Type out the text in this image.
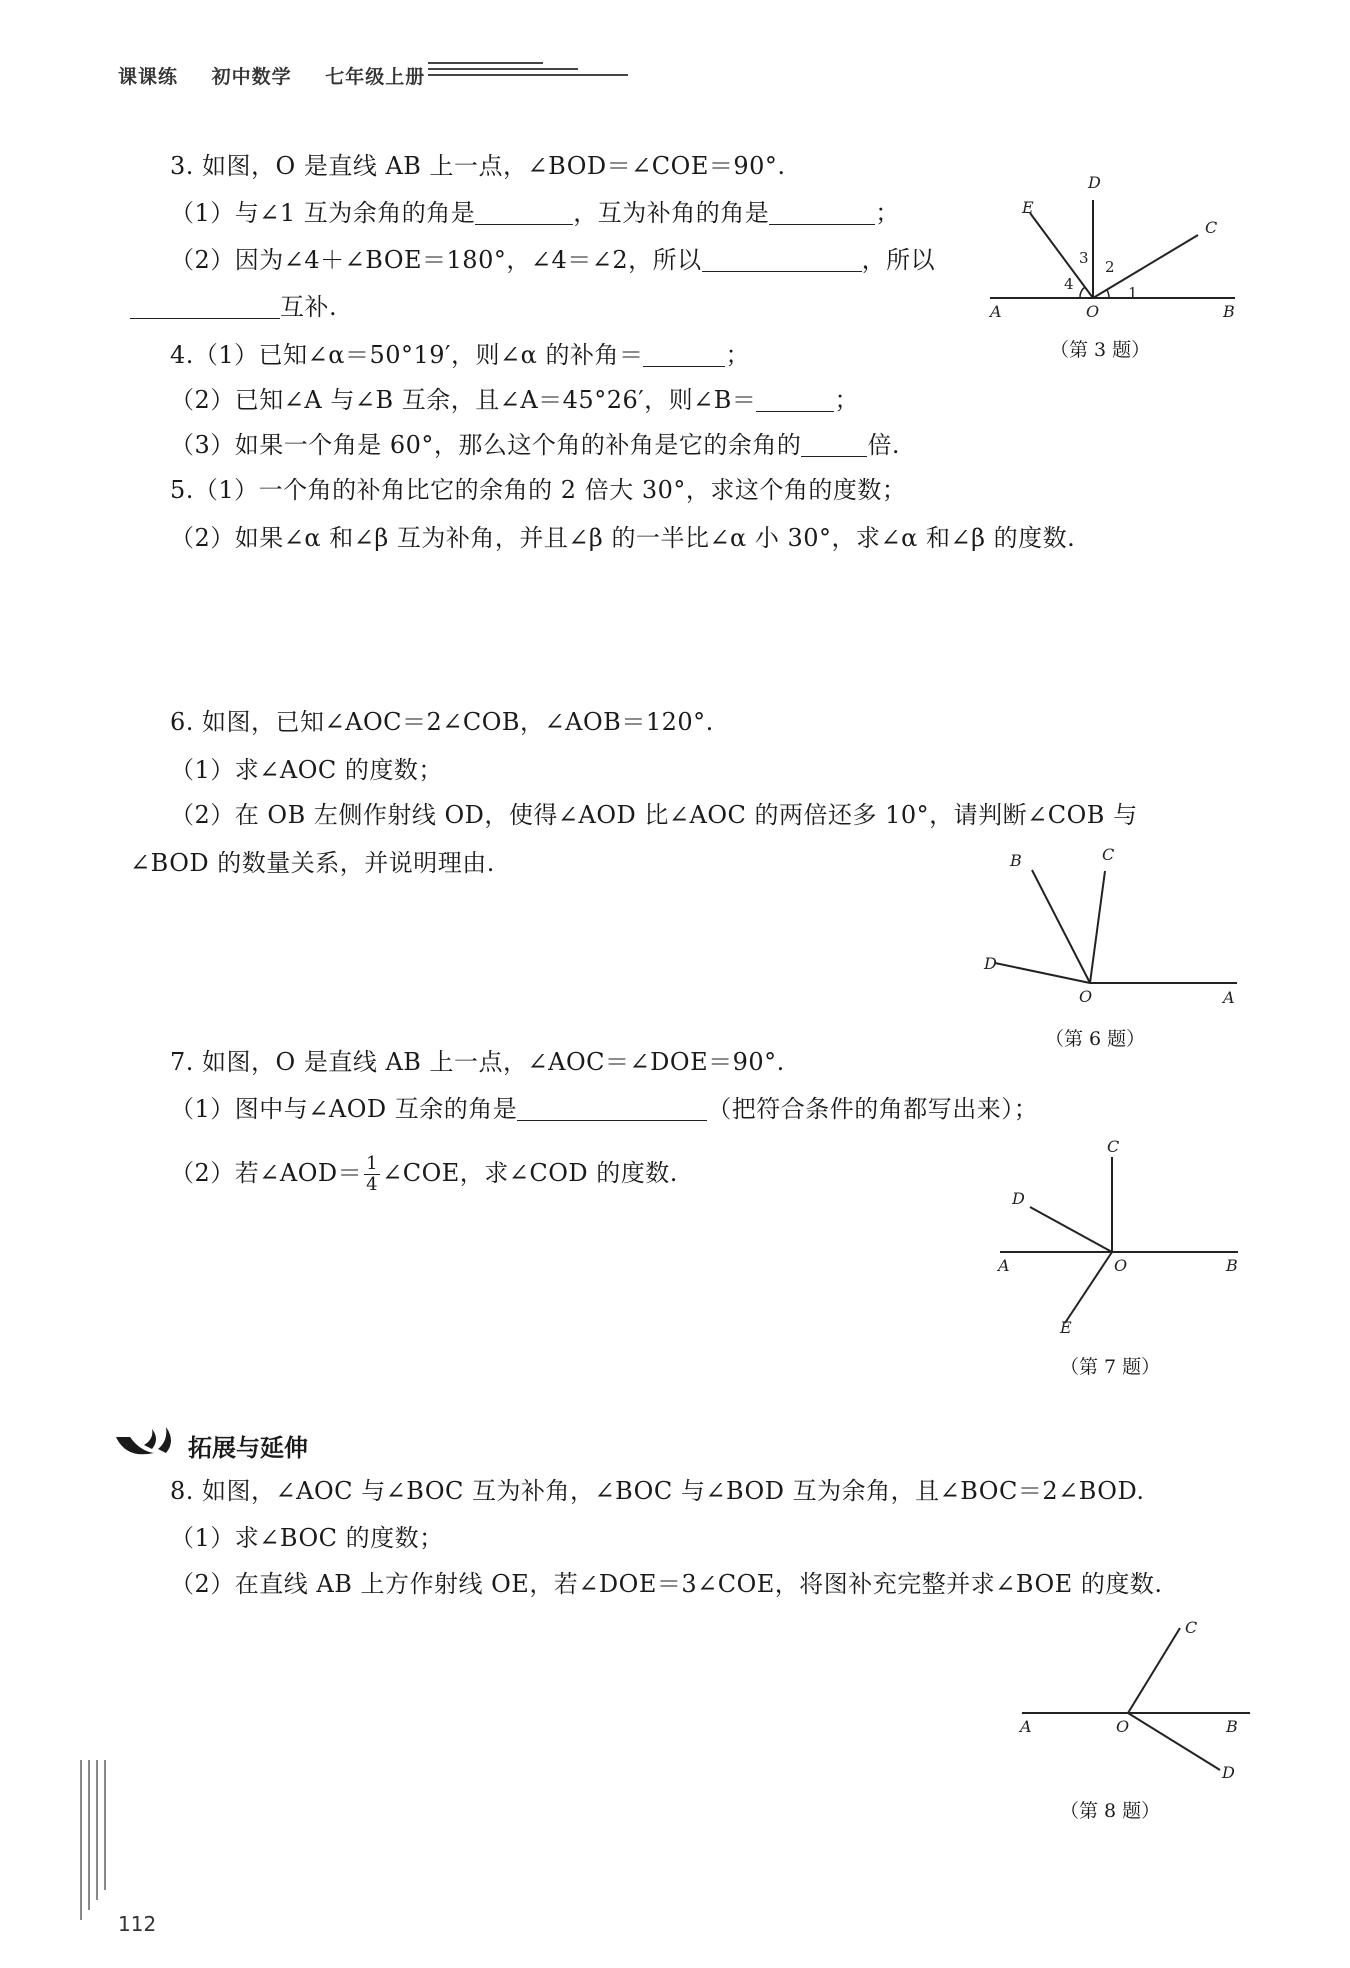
课课练 初中数学 七年级上册
3. 如图，O 是直线 AB 上一点，∠BOD＝∠COE＝90°.
（1）与∠1 互为余角的角是	，互为补角的角是	；
（2）因为∠4＋∠BOE＝180°，∠4＝∠2，所以	，所以
互补.
D
E
C
A	O	B
1
2
3
4
（第 3 题）
4.（1）已知∠α＝50°19′，则∠α 的补角＝	；
（2）已知∠A 与∠B 互余，且∠A＝45°26′，则∠B＝	；
（3）如果一个角是 60°，那么这个角的补角是它的余角的	倍.
5.（1）一个角的补角比它的余角的 2 倍大 30°，求这个角的度数；
（2）如果∠α 和∠β 互为补角，并且∠β 的一半比∠α 小 30°，求∠α 和∠β 的度数.
6. 如图，已知∠AOC＝2∠COB，∠AOB＝120°.
（1）求∠AOC 的度数；
（2）在 OB 左侧作射线 OD，使得∠AOD 比∠AOC 的两倍还多 10°，请判断∠COB 与
∠BOD 的数量关系，并说明理由.	B	C
D
O	A
（第 6 题）
7. 如图，O 是直线 AB 上一点，∠AOC＝∠DOE＝90°.
（1）图中与∠AOD 互余的角是	（把符合条件的角都写出来）；
（2）若∠AOD＝ $\frac{1}{4}$ ∠COE，求∠COD 的度数.
C
D
A	O	B
E
（第 7 题）
拓展与延伸
8. 如图，∠AOC 与∠BOC 互为补角，∠BOC 与∠BOD 互为余角，且∠BOC＝2∠BOD.
（1）求∠BOC 的度数；
（2）在直线 AB 上方作射线 OE，若∠DOE＝3∠COE，将图补充完整并求∠BOE 的度数.
C
A	O	B
D
（第 8 题）
112
